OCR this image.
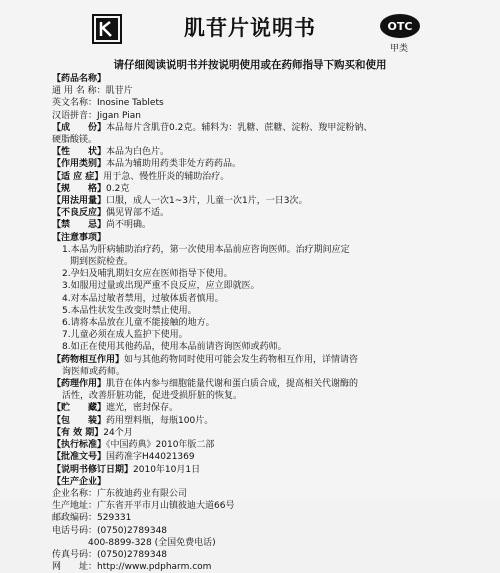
肌苷片说明书	OTC
甲类
请仔细阅读说明书并按说明使用或在药师指导下购买和使用
【药品名称】
通 用 名 称：肌苷片
英文名称：Inosine Tablets
汉语拼音：Jigan Pian
【成　　份】本品每片含肌苷0.2克。辅料为：乳糖、蔗糖、淀粉、羧甲淀粉钠、
硬脂酸镁。
【性　　状】本品为白色片。
【作用类别】本品为辅助用药类非处方药药品。
【适 应 症】用于急、慢性肝炎的辅助治疗。
【规　　格】0.2克
【用法用量】口服，成人一次1~3片，儿童一次1片，一日3次。
【不良反应】偶见胃部不适。
【禁　　忌】尚不明确。
【注意事项】
1.本品为肝病辅助治疗药，第一次使用本品前应咨询医师。治疗期间应定
期到医院检查。
2.孕妇及哺乳期妇女应在医师指导下使用。
3.如服用过量或出现严重不良反应，应立即就医。
4.对本品过敏者禁用，过敏体质者慎用。
5.本品性状发生改变时禁止使用。
6.请将本品放在儿童不能接触的地方。
7.儿童必须在成人监护下使用。
8.如正在使用其他药品，使用本品前请咨询医师或药师。
【药物相互作用】如与其他药物同时使用可能会发生药物相互作用，详情请咨
询医师或药师。
【药理作用】肌苷在体内参与细胞能量代谢和蛋白质合成，提高相关代谢酶的
活性，改善肝脏功能，促进受损肝脏的恢复。
【贮　　藏】遮光，密封保存。
【包　　装】药用塑料瓶，每瓶100片。
【有 效 期】24个月
【执行标准】《中国药典》2010年版二部
【批准文号】国药准字H44021369
【说明书修订日期】2010年10月1日
【生产企业】
企业名称：广东彼迪药业有限公司
生产地址：广东省开平市月山镇彼迪大道66号
邮政编码：529331
电话号码：(0750)2789348
400-8899-328 (全国免费电话)
传真号码：(0750)2789348
网　　址：http://www.pdpharm.com
